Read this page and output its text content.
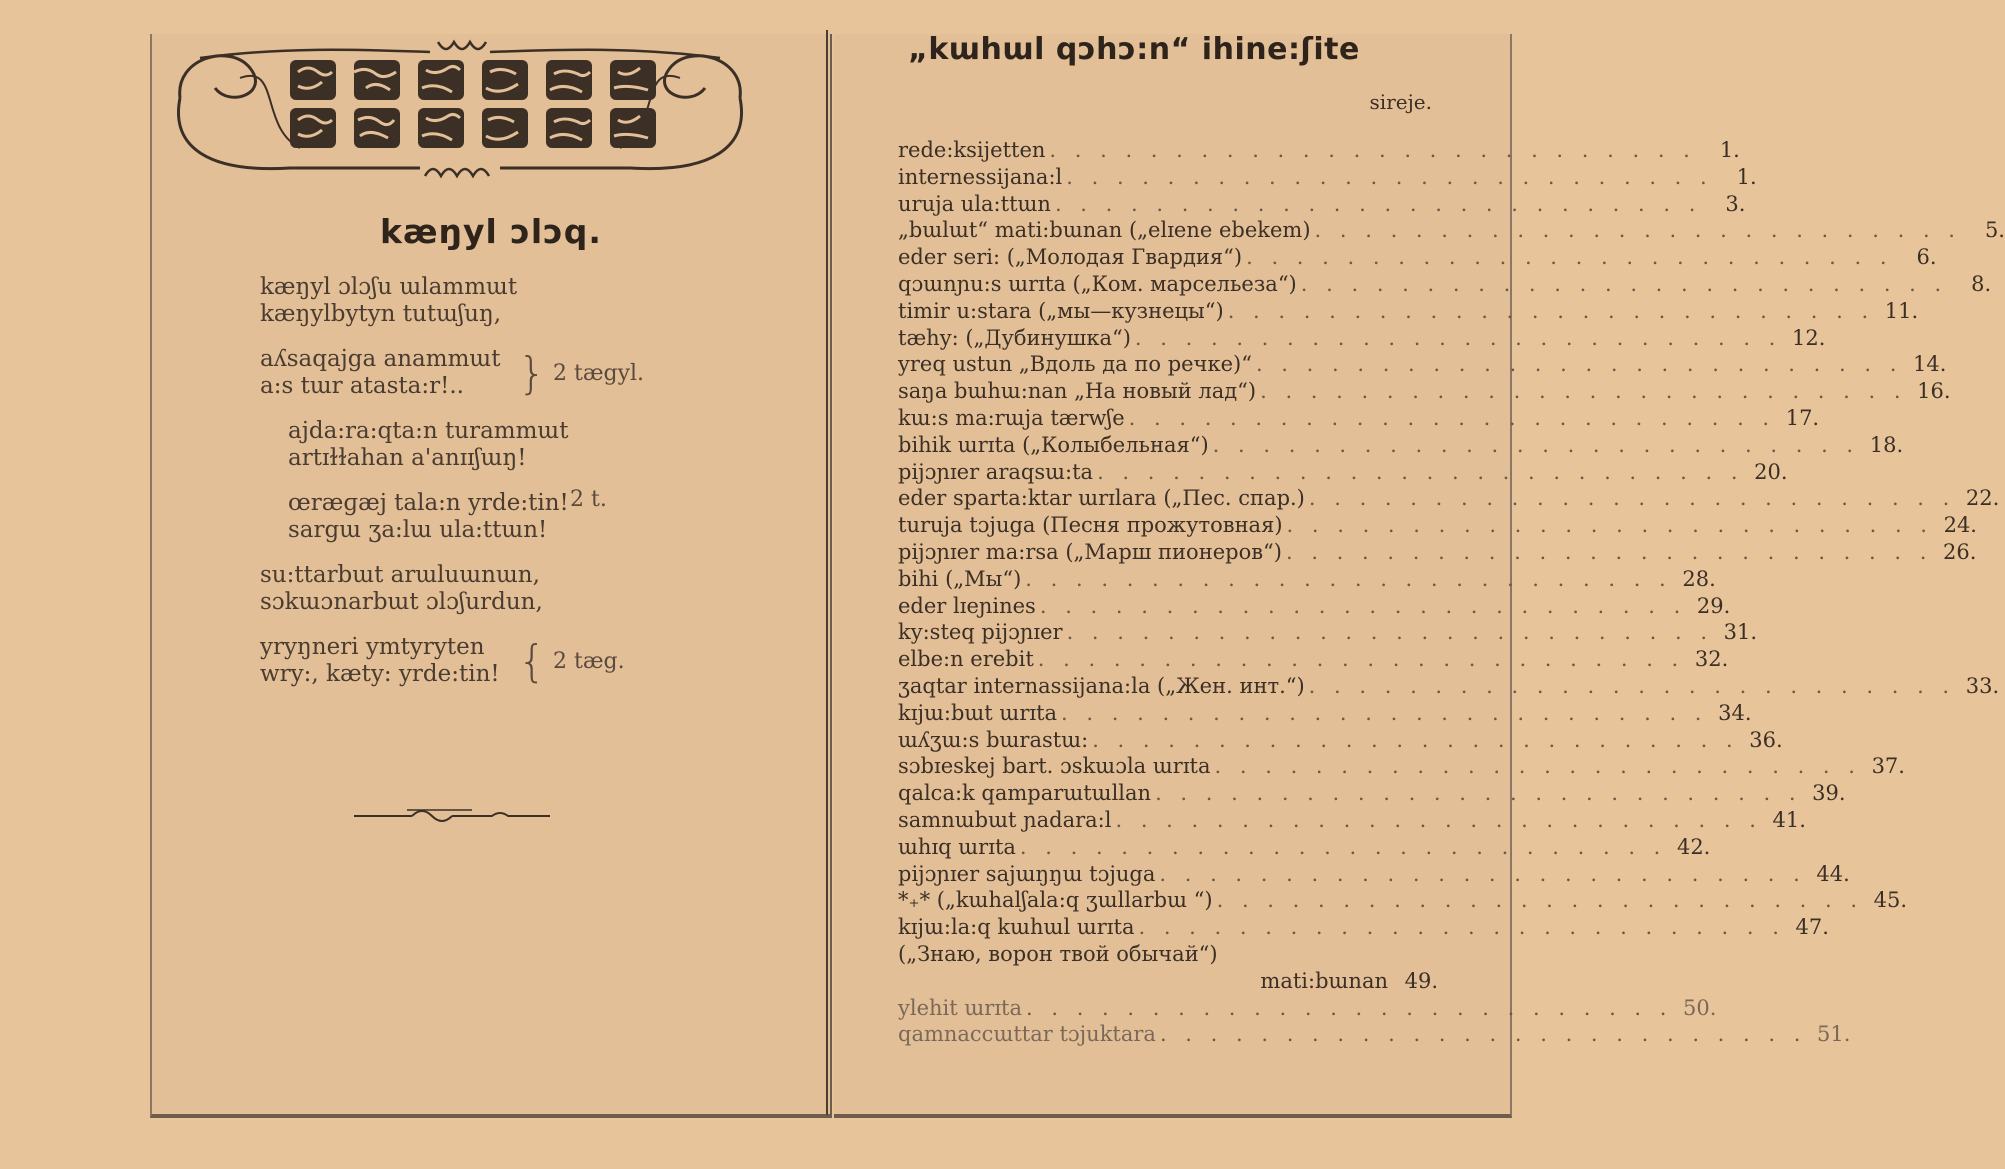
kæŋyl ɔlɔq.
kæŋyl ɔlɔʃu ɯlammɯt
kæŋylbytyn tutɯʃuŋ,
aʎsaqajga anammɯt
a:s tɯr atasta:r!..	} 2 tægyl.
ajda:ra:qta:n turammɯt
artɪɫɫahan a'anɪɪʃɯŋ!
œræɡæj tala:n yrde:tin!
sargɯ ʒa:lɯ ula:ttɯn!
2 t.
su:ttarbɯt arɯluɯnɯn,
sɔkɯɔnarbɯt ɔlɔʃurdun,
yryŋneri ymtyryten
wry:, kæty: yrde:tin! { 2 tæg.
„kɯhɯl qɔhɔ:n“ ihine:ʃite
sireje.
rede:ksijetten . . . . . . . . . . . . . . . . . . . . . . . . . .	1.
internessijana:l . . . . . . . . . . . . . . . . . . . . . . . . . .	1.
uruja ula:ttɯn . . . . . . . . . . . . . . . . . . . . . . . . . .	3.
„bɯlɯt“ mati:bɯnan („elɪene ebekem) . . . . . . . . . . . . . . . . . . . . . . . . . .	5.
eder seri: („Молодая Гвардия“) . . . . . . . . . . . . . . . . . . . . . . . . . .	6.
qɔɯnɲu:s ɯrɪta („Ком. марсельеза“) . . . . . . . . . . . . . . . . . . . . . . . . . .	8.
timir u:stara („мы—кузнецы“) . . . . . . . . . . . . . . . . . . . . . . . . . . 11.
tæhy: („Дубинушка“) . . . . . . . . . . . . . . . . . . . . . . . . . . 12.
yreq ustun „Вдоль да по речке)“ . . . . . . . . . . . . . . . . . . . . . . . . . . 14.
saŋa bɯhɯ:nan „На новый лад“) . . . . . . . . . . . . . . . . . . . . . . . . . . 16.
kɯ:s ma:rɯja tærwʃe . . . . . . . . . . . . . . . . . . . . . . . . . . 17.
bihik ɯrɪta („Колыбельная“) . . . . . . . . . . . . . . . . . . . . . . . . . . 18.
pijɔɲɪer araqsɯ:ta . . . . . . . . . . . . . . . . . . . . . . . . . . 20.
eder sparta:ktar ɯrɪlara („Пес. спар.) . . . . . . . . . . . . . . . . . . . . . . . . . . 22.
turuja tɔjuga (Песня прожутовная) . . . . . . . . . . . . . . . . . . . . . . . . . . 24.
pijɔɲɪer ma:rsa („Марш пионеров“) . . . . . . . . . . . . . . . . . . . . . . . . . . 26.
bihi („Мы“) . . . . . . . . . . . . . . . . . . . . . . . . . . 28.
eder lɪeɲines . . . . . . . . . . . . . . . . . . . . . . . . . . 29.
ky:steq pijɔɲɪer . . . . . . . . . . . . . . . . . . . . . . . . . . 31.
elbe:n erebit . . . . . . . . . . . . . . . . . . . . . . . . . . 32.
ʒaqtar internassijana:la („Жен. инт.“) . . . . . . . . . . . . . . . . . . . . . . . . . . 33.
kɪjɯ:bɯt ɯrɪta . . . . . . . . . . . . . . . . . . . . . . . . . . 34.
ɯʎʒɯ:s bɯrastɯ: . . . . . . . . . . . . . . . . . . . . . . . . . . 36.
sɔbɪeskej bart. ɔskɯɔla ɯrɪta . . . . . . . . . . . . . . . . . . . . . . . . . . 37.
qalca:k qamparɯtɯllan . . . . . . . . . . . . . . . . . . . . . . . . . . 39.
samnɯbɯt ɲadara:l . . . . . . . . . . . . . . . . . . . . . . . . . . 41.
ɯhɪq ɯrɪta . . . . . . . . . . . . . . . . . . . . . . . . . . 42.
pijɔɲɪer sajɯŋŋɯ tɔjuga . . . . . . . . . . . . . . . . . . . . . . . . . . 44.
*₊* („kɯhalʃala:q ʒɯllarbɯ “) . . . . . . . . . . . . . . . . . . . . . . . . . . 45.
kɪjɯ:la:q kɯhɯl ɯrɪta . . . . . . . . . . . . . . . . . . . . . . . . . . 47.
(„Знаю, ворон твой обычай“)
mati:bɯnan 49.
ylehit ɯrɪta . . . . . . . . . . . . . . . . . . . . . . . . . . 50.
qamnaccɯttar tɔjuktara . . . . . . . . . . . . . . . . . . . . . . . . . . 51.
